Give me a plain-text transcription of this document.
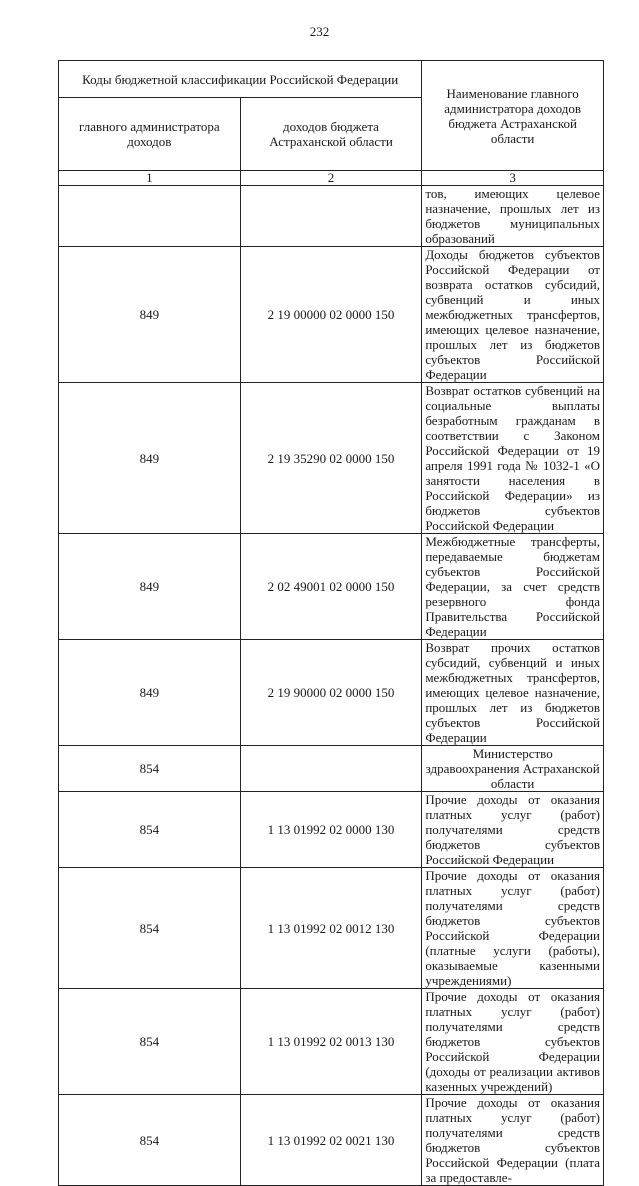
232
Коды бюджетной классификации Российской Федерации		Наименование главного администратора доходов бюджета Астраханской области
главного администратора доходов	доходов бюджета Астраханской области	
1	2	3
		тов, имеющих целевое назначение, прошлых лет из бюджетов муниципальных образований
849	2 19 00000 02 0000 150	Доходы бюджетов субъектов Российской Федерации от возврата остатков субсидий, субвенций и иных межбюджетных трансфертов, имеющих целевое назначение, прошлых лет из бюджетов субъектов Российской Федерации
849	2 19 35290 02 0000 150	Возврат остатков субвенций на социальные выплаты безработным гражданам в соответствии с Законом Российской Федерации от 19 апреля 1991 года № 1032-1 «О занятости населения в Российской Федерации» из бюджетов субъектов Российской Федерации
849	2 02 49001 02 0000 150	Межбюджетные трансферты, передаваемые бюджетам субъектов Российской Федерации, за счет средств резервного фонда Правительства Российской Федерации
849	2 19 90000 02 0000 150	Возврат прочих остатков субсидий, субвенций и иных межбюджетных трансфертов, имеющих целевое назначение, прошлых лет из бюджетов субъектов Российской Федерации
854		Министерство здравоохранения Астраханской области
854	1 13 01992 02 0000 130	Прочие доходы от оказания платных услуг (работ) получателями средств бюджетов субъектов Российской Федерации
854	1 13 01992 02 0012 130	Прочие доходы от оказания платных услуг (работ) получателями средств бюджетов субъектов Российской Федерации (платные услуги (работы), оказываемые казенными учреждениями)
854	1 13 01992 02 0013 130	Прочие доходы от оказания платных услуг (работ) получателями средств бюджетов субъектов Российской Федерации (доходы от реализации активов казенных учреждений)
854	1 13 01992 02 0021 130	Прочие доходы от оказания платных услуг (работ) получателями средств бюджетов субъектов Российской Федерации (плата за предоставле-
